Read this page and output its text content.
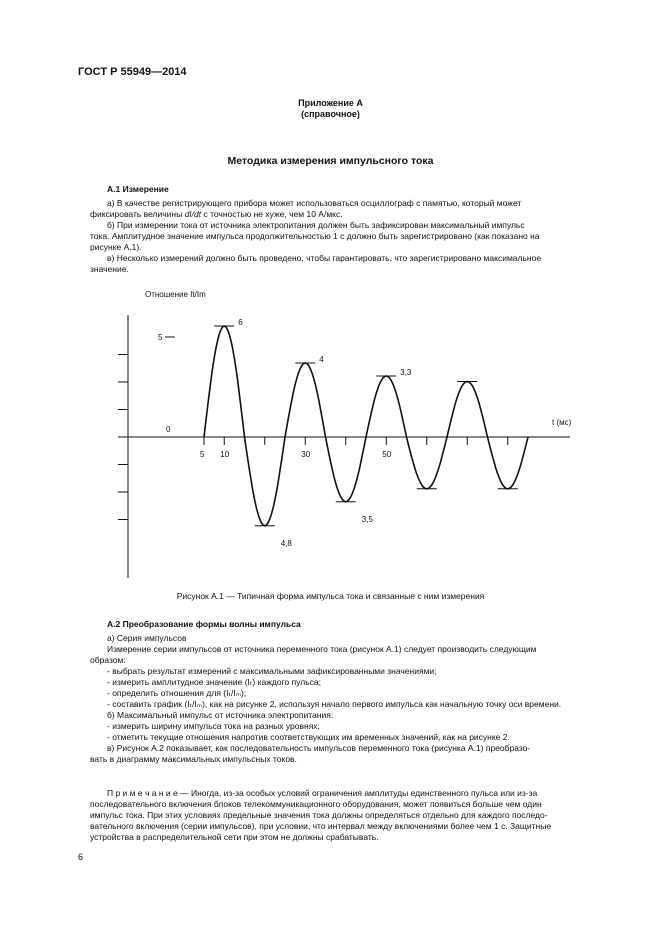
ГОСТ Р 55949—2014
Приложение А
(справочное)
Методика измерения импульсного тока
А.1 Измерение
а) В качестве регистрирующего прибора может использоваться осциллограф с памятью, который может
фиксировать величины dI/dt с точностью не хуже, чем 10 А/мкс.
б) При измерении тока от источника электропитания должен быть зафиксирован максимальный импульс
тока. Амплитудное значение импульса продолжительностью 1 с должно быть зарегистрировано (как показано на
рисунке А.1).
в) Несколько измерений должно быть проведено, чтобы гарантировать, что зарегистрировано максимальное
значение.
Отношение It/Im
t (мс)
5
0
5 10	30	50
6
4,8
4
3,5
3,3
Рисунок А.1 — Типичная форма импульса тока и связанные с ним измерения
А.2 Преобразование формы волны импульса
а) Серия импульсов
Измерение серии импульсов от источника переменного тока (рисунок А.1) следует производить следующим
образом:
- выбрать результат измерений с максимальными зафиксированными значениями;
- измерить амплитудное значение (Iₜ) каждого пульса;
- определить отношения для (Iₜ/Iₘ);
- составить график (Iₜ/Iₘ), как на рисунке 2, используя начало первого импульса как начальную точку оси времени.
б) Максимальный импульс от источника электропитания:
- измерить ширину импульса тока на разных уровнях;
- отметить текущие отношения напротив соответствующих им временных значений, как на рисунке 2.
в) Рисунок А.2 показывает, как последовательность импульсов переменного тока (рисунка А.1) преобразо-
вать в диаграмму максимальных импульсных токов.
П р и м е ч а н и е — Иногда, из-за особых условий ограничения амплитуды единственного пульса или из-за
последовательного включения блоков телекоммуникационного оборудования, может появиться больше чем один
импульс тока. При этих условиях предельные значения тока должны определяться отдельно для каждого последо-
вательного включения (серии импульсов), при условии, что интервал между включениями более чем 1 с. Защитные
устройства в распределительной сети при этом не должны срабатывать.
6
